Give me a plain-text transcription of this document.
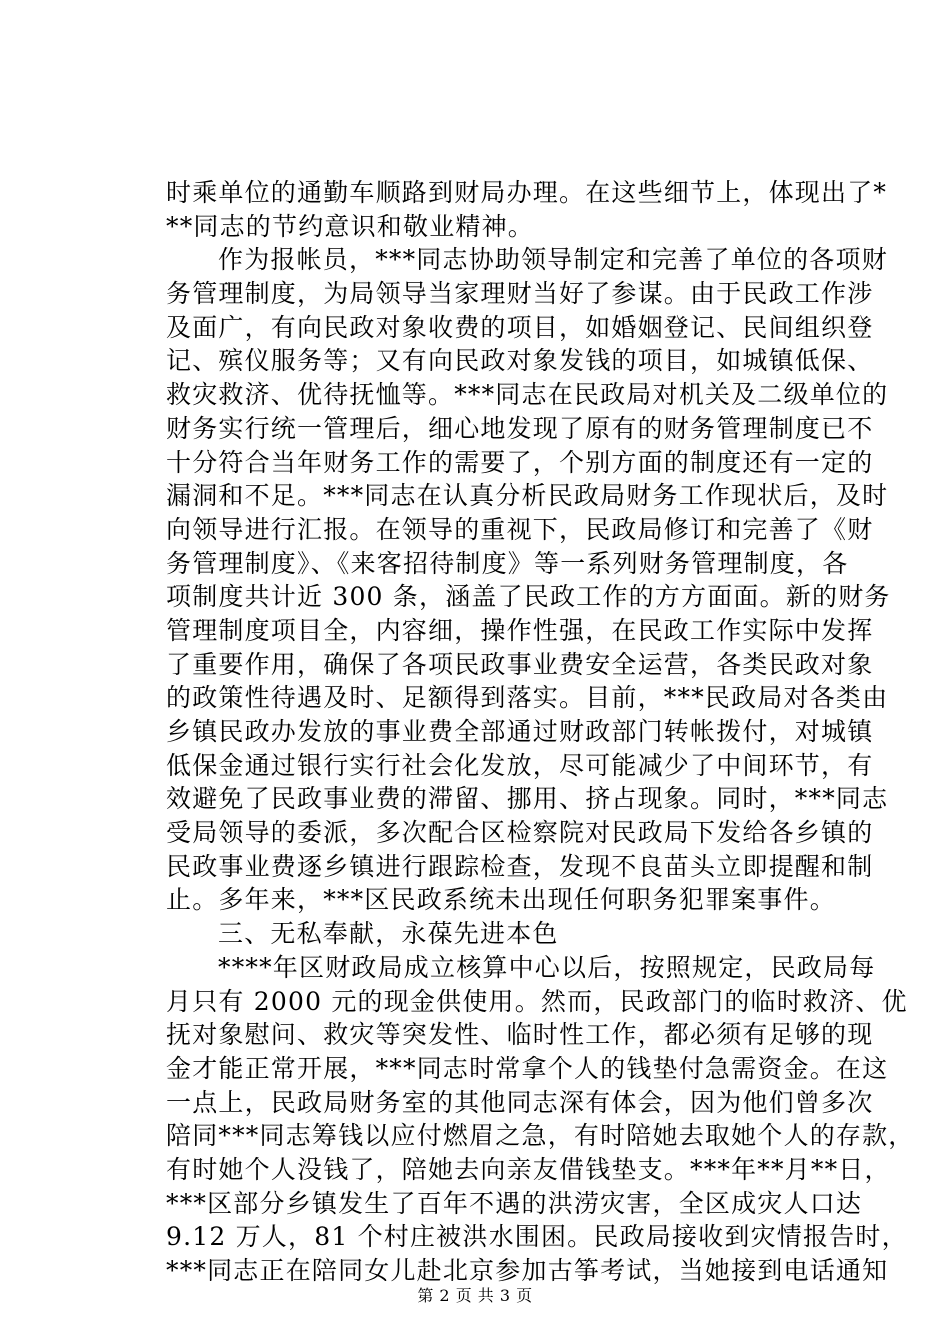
时乘单位的通勤车顺路到财局办理。在这些细节上，体现出了*
**同志的节约意识和敬业精神。
作为报帐员，***同志协助领导制定和完善了单位的各项财
务管理制度，为局领导当家理财当好了参谋。由于民政工作涉
及面广，有向民政对象收费的项目，如婚姻登记、民间组织登
记、殡仪服务等；又有向民政对象发钱的项目，如城镇低保、
救灾救济、优待抚恤等。***同志在民政局对机关及二级单位的
财务实行统一管理后，细心地发现了原有的财务管理制度已不
十分符合当年财务工作的需要了，个别方面的制度还有一定的
漏洞和不足。***同志在认真分析民政局财务工作现状后，及时
向领导进行汇报。在领导的重视下，民政局修订和完善了《财
务管理制度》、《来客招待制度》等一系列财务管理制度，各
项制度共计近 300 条，涵盖了民政工作的方方面面。新的财务
管理制度项目全，内容细，操作性强，在民政工作实际中发挥
了重要作用，确保了各项民政事业费安全运营，各类民政对象
的政策性待遇及时、足额得到落实。目前，***民政局对各类由
乡镇民政办发放的事业费全部通过财政部门转帐拨付，对城镇
低保金通过银行实行社会化发放，尽可能减少了中间环节，有
效避免了民政事业费的滞留、挪用、挤占现象。同时，***同志
受局领导的委派，多次配合区检察院对民政局下发给各乡镇的
民政事业费逐乡镇进行跟踪检查，发现不良苗头立即提醒和制
止。多年来，***区民政系统未出现任何职务犯罪案事件。
三、无私奉献，永葆先进本色
****年区财政局成立核算中心以后，按照规定，民政局每
月只有 2000 元的现金供使用。然而，民政部门的临时救济、优
抚对象慰问、救灾等突发性、临时性工作，都必须有足够的现
金才能正常开展，***同志时常拿个人的钱垫付急需资金。在这
一点上，民政局财务室的其他同志深有体会，因为他们曾多次
陪同***同志筹钱以应付燃眉之急，有时陪她去取她个人的存款，
有时她个人没钱了，陪她去向亲友借钱垫支。***年**月**日，
***区部分乡镇发生了百年不遇的洪涝灾害，全区成灾人口达
9.12 万人，81 个村庄被洪水围困。民政局接收到灾情报告时，
***同志正在陪同女儿赴北京参加古筝考试，当她接到电话通知
第 2 页 共 3 页
